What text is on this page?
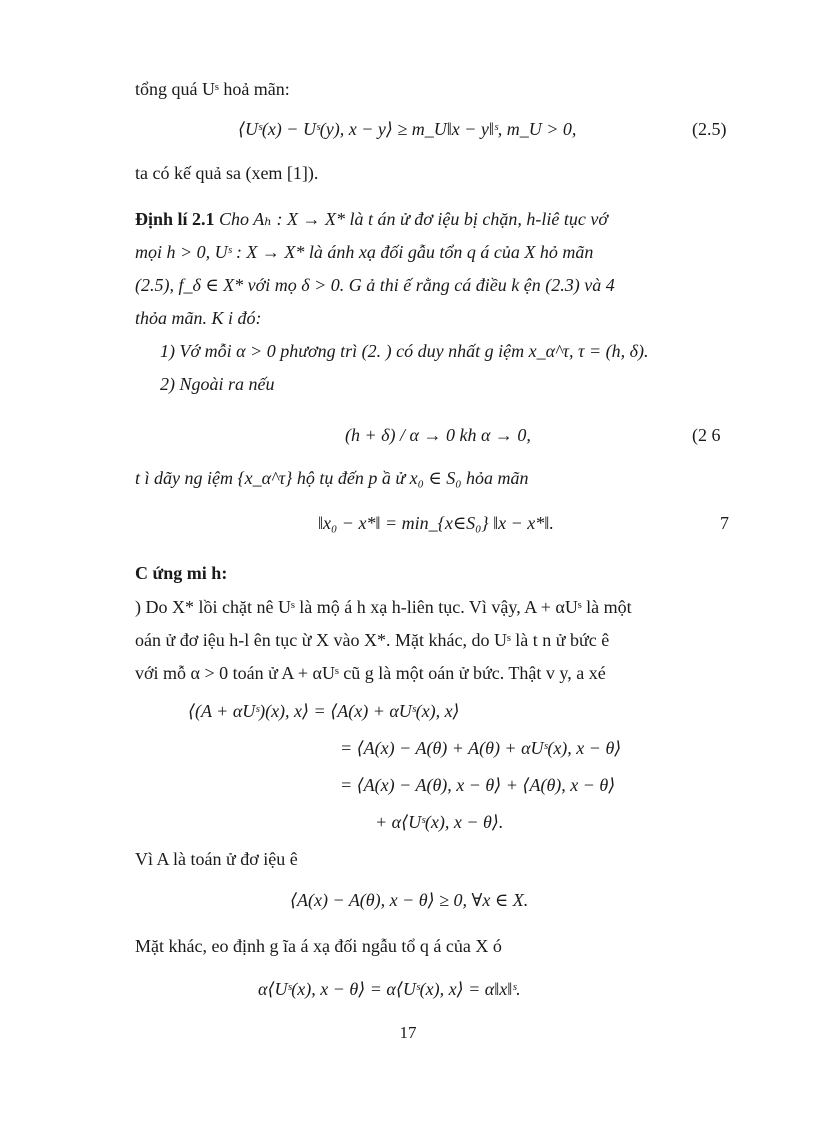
tổng quá Uˢ hoả mãn:
⟨Uˢ(x) − Uˢ(y), x − y⟩ ≥ m_U‖x − y‖ˢ, m_U > 0,	(2.5)
ta có kế quả sa (xem [1]).
Định lí 2.1 Cho Aₕ : X → X* là t án ử đơ iệu bị chặn, h-liê tục vớ
mọi h > 0, Uˢ : X → X* là ánh xạ đối gẫu tổn q á của X hỏ mãn
(2.5), f_δ ∈ X* với mọ δ > 0. G ả thi ế rằng cá điều k ện (2.3) và 4
thỏa mãn. K i đó:
1) Vớ mỗi α > 0 phương trì (2. ) có duy nhất g iệm x_α^τ, τ = (h, δ).
2) Ngoài ra nếu
(h + δ) / α → 0 kh α → 0,	(2 6
t ì dãy ng iệm {x_α^τ} hộ tụ đến p ầ ử x₀ ∈ S₀ hỏa mãn
‖x₀ − x*‖ = min_{x∈S₀} ‖x − x*‖.	7
C ứng mi h:
) Do X* lồi chặt nê Uˢ là mộ á h xạ h-liên tục. Vì vậy, A + αUˢ là một
oán ử đơ iệu h-l ên tục ừ X vào X*. Mặt khác, do Uˢ là t n ử bức ê
với mỗ α > 0 toán ử A + αUˢ cũ g là một oán ử bức. Thật v y, a xé
⟨(A + αUˢ)(x), x⟩ = ⟨A(x) + αUˢ(x), x⟩
= ⟨A(x) − A(θ) + A(θ) + αUˢ(x), x − θ⟩
= ⟨A(x) − A(θ), x − θ⟩ + ⟨A(θ), x − θ⟩
+ α⟨Uˢ(x), x − θ⟩.
Vì A là toán ử đơ iệu ê
⟨A(x) − A(θ), x − θ⟩ ≥ 0, ∀x ∈ X.
Mặt khác, eo định g ĩa á xạ đối ngẫu tổ q á của X ó
α⟨Uˢ(x), x − θ⟩ = α⟨Uˢ(x), x⟩ = α‖x‖ˢ.
17
